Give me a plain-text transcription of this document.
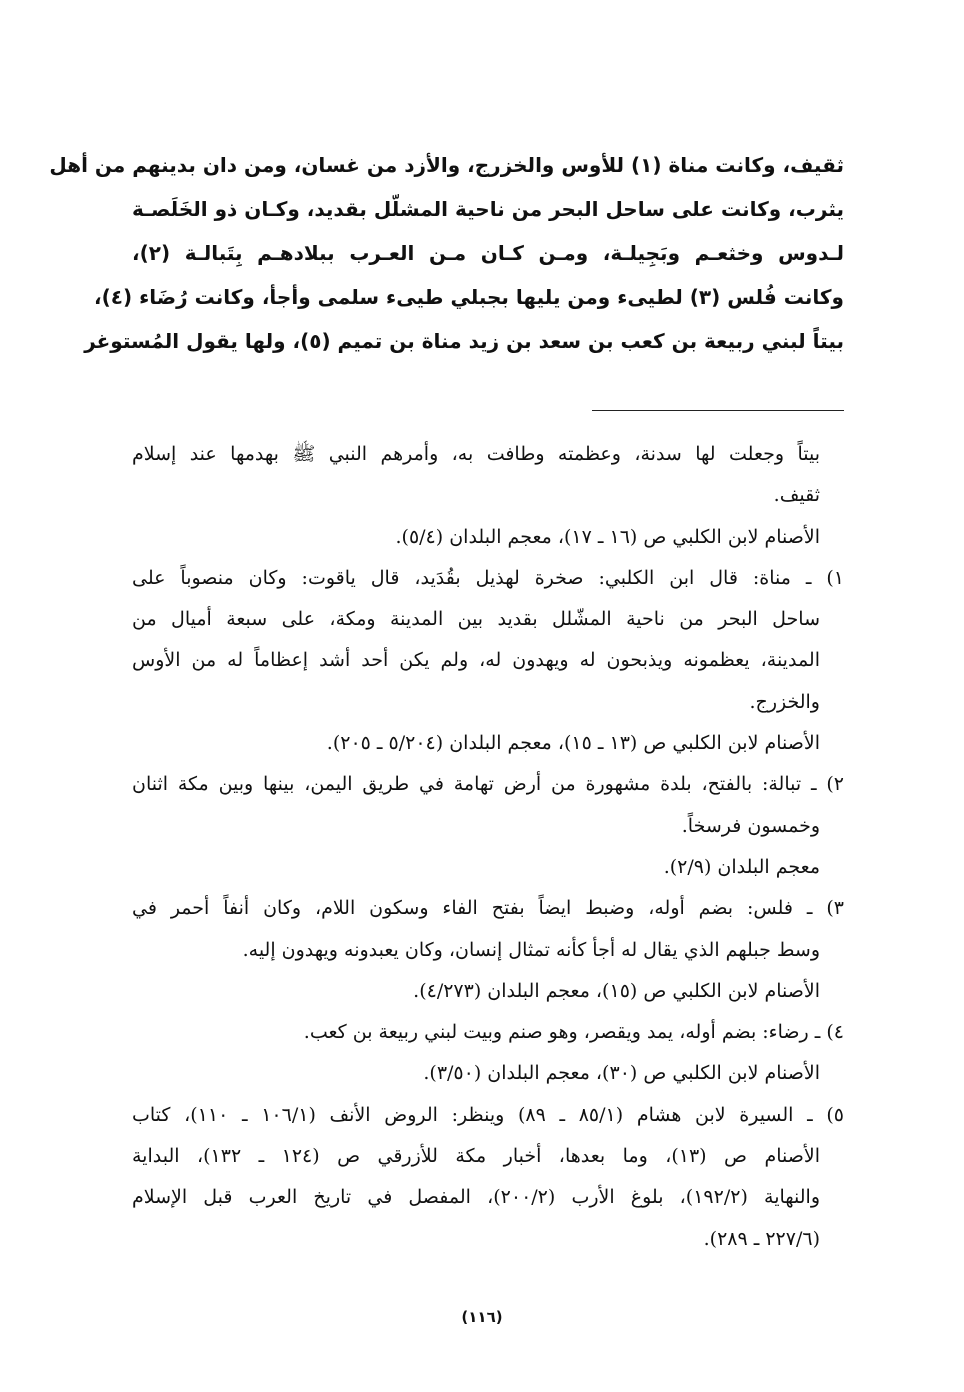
ثقيف، وكانت مناة (١) للأوس والخزرج، والأزد من غسان، ومن دان بدينهم من أهل
يثرب، وكانت على ساحل البحر من ناحية المشلّل بقديد، وكـان ذو الخَلَصـة
لـدوس وخثعـم وبَجِيلـة، ومـن كـان مـن العـرب ببلادهـم بِتَبالـة (٢)،
وكانت فُلس (٣) لطيىء ومن يليها بجبلي طيىء سلمى وأجأ، وكانت رُضَاء (٤)،
بيتاً لبني ربيعة بن كعب بن سعد بن زيد مناة بن تميم (٥)، ولها يقول المُستوغر
بيتاً وجعلت لها سدنة، وعظمته وطافت به، وأمرهم النبي ﷺ بهدمها عند إسلام
ثقيف.
الأصنام لابن الكلبي ص (١٦ ـ ١٧)، معجم البلدان (٥/٤).
١) ـ مناة: قال ابن الكلبي: صخرة لهذيل بقُدَيد، قال ياقوت: وكان منصوباً على
ساحل البحر من ناحية المشّلل بقديد بين المدينة ومكة، على سبعة أميال من
المدينة، يعظمونه ويذبحون له ويهدون له، ولم يكن أحد أشد إعظاماً له من الأوس
والخزرج.
الأصنام لابن الكلبي ص (١٣ ـ ١٥)، معجم البلدان (٥/٢٠٤ ـ ٢٠٥).
٢) ـ تبالة: بالفتح، بلدة مشهورة من أرض تهامة في طريق اليمن، بينها وبين مكة اثنان
وخمسون فرسخاً.
معجم البلدان (٢/٩).
٣) ـ فلس: بضم أوله، وضبط ايضاً بفتح الفاء وسكون اللام، وكان أنفاً أحمر في
وسط جبلهم الذي يقال له أجأ كأنه تمثال إنسان، وكان يعبدونه ويهدون إليه.
الأصنام لابن الكلبي ص (١٥)، معجم البلدان (٤/٢٧٣).
٤) ـ رضاء: بضم أوله، يمد ويقصر، وهو صنم وبيت لبني ربيعة بن كعب.
الأصنام لابن الكلبي ص (٣٠)، معجم البلدان (٣/٥٠).
٥) ـ السيرة لابن هشام (٨٥/١ ـ ٨٩) وينظر: الروض الأنف (١٠٦/١ ـ ١١٠)، كتاب
الأصنام ص (١٣)، وما بعدها، أخبار مكة للأزرقي ص (١٢٤ ـ ١٣٢)، البداية
والنهاية (١٩٢/٢)، بلوغ الأرب (٢٠٠/٢)، المفصل في تاريخ العرب قبل الإسلام
(٢٢٧/٦ ـ ٢٨٩).
(١١٦)
